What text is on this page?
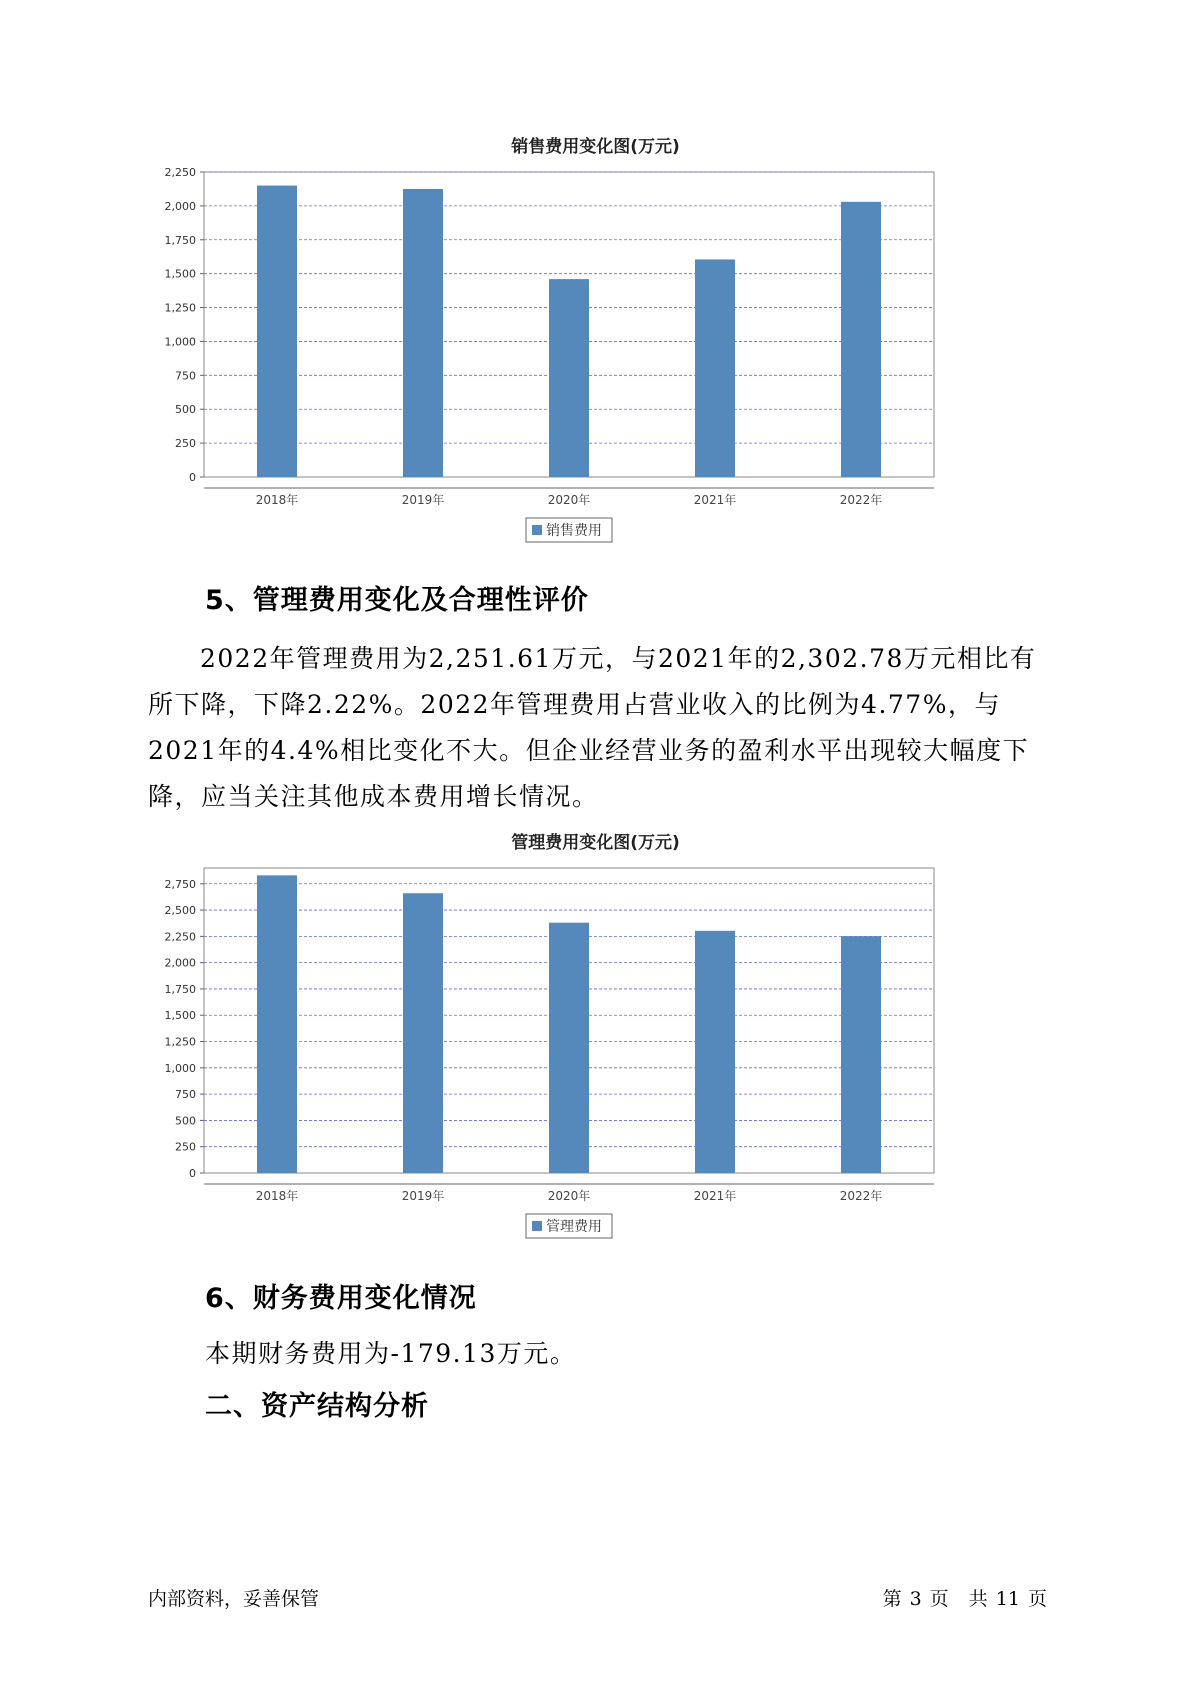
销售费用变化图(万元)
0
250
500
750
1,000
1,250
1,500
1,750
2,000
2,250
2018年	2019年	2020年	2021年	2022年
销售费用
5、管理费用变化及合理性评价

2022年管理费用为2,251.61万元，与2021年的2,302.78万元相比有所下降，下降2.22%。2022年管理费用占营业收入的比例为4.77%，与2021年的4.4%相比变化不大。但企业经营业务的盈利水平出现较大幅度下降，应当关注其他成本费用增长情况。

管理费用变化图(万元)
0
250
500
750
1,000
1,250
1,500
1,750
2,000
2,250
2,500
2,750
2018年	2019年	2020年	2021年	2022年
管理费用
6、财务费用变化情况
本期财务费用为-179.13万元。
二、资产结构分析
内部资料，妥善保管	第 3 页 共 11 页
